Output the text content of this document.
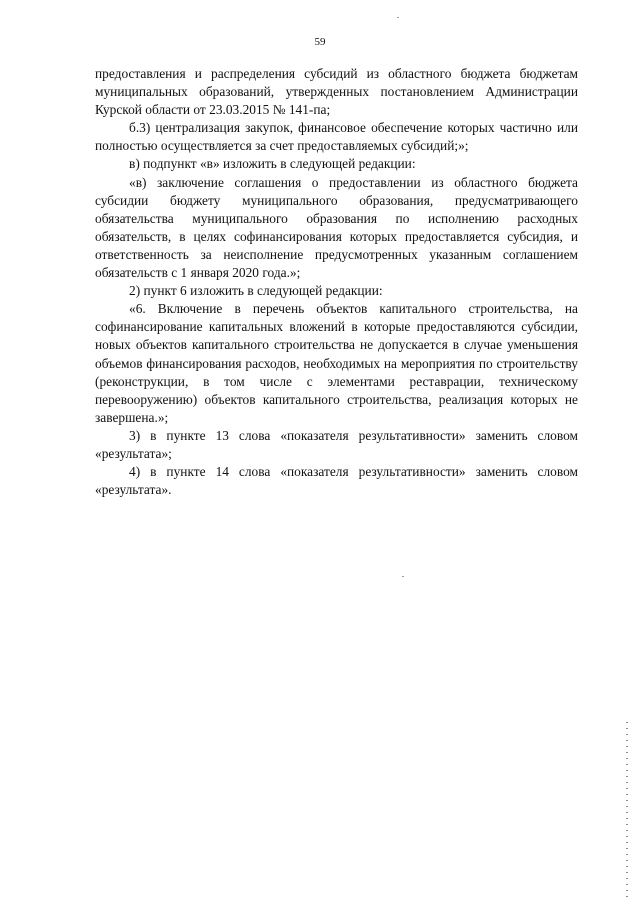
59

предоставления и распределения субсидий из областного бюджета бюджетам муниципальных образований, утвержденных постановлением Администрации Курской области от 23.03.2015 № 141-па;

б.3) централизация закупок, финансовое обеспечение которых частично или полностью осуществляется за счет предоставляемых субсидий;»;

в) подпункт «в» изложить в следующей редакции:

«в) заключение соглашения о предоставлении из областного бюджета субсидии бюджету муниципального образования, предусматривающего обязательства муниципального образования по исполнению расходных обязательств, в целях софинансирования которых предоставляется субсидия, и ответственность за неисполнение предусмотренных указанным соглашением обязательств с 1 января 2020 года.»;

2) пункт 6 изложить в следующей редакции:

«6. Включение в перечень объектов капитального строительства, на софинансирование капитальных вложений в которые предоставляются субсидии, новых объектов капитального строительства не допускается в случае уменьшения объемов финансирования расходов, необходимых на мероприятия по строительству (реконструкции, в том числе с элементами реставрации, техническому перевооружению) объектов капитального строительства, реализация которых не завершена.»;

3) в пункте 13 слова «показателя результативности» заменить словом «результата»;

4) в пункте 14 слова «показателя результативности» заменить словом «результата».
